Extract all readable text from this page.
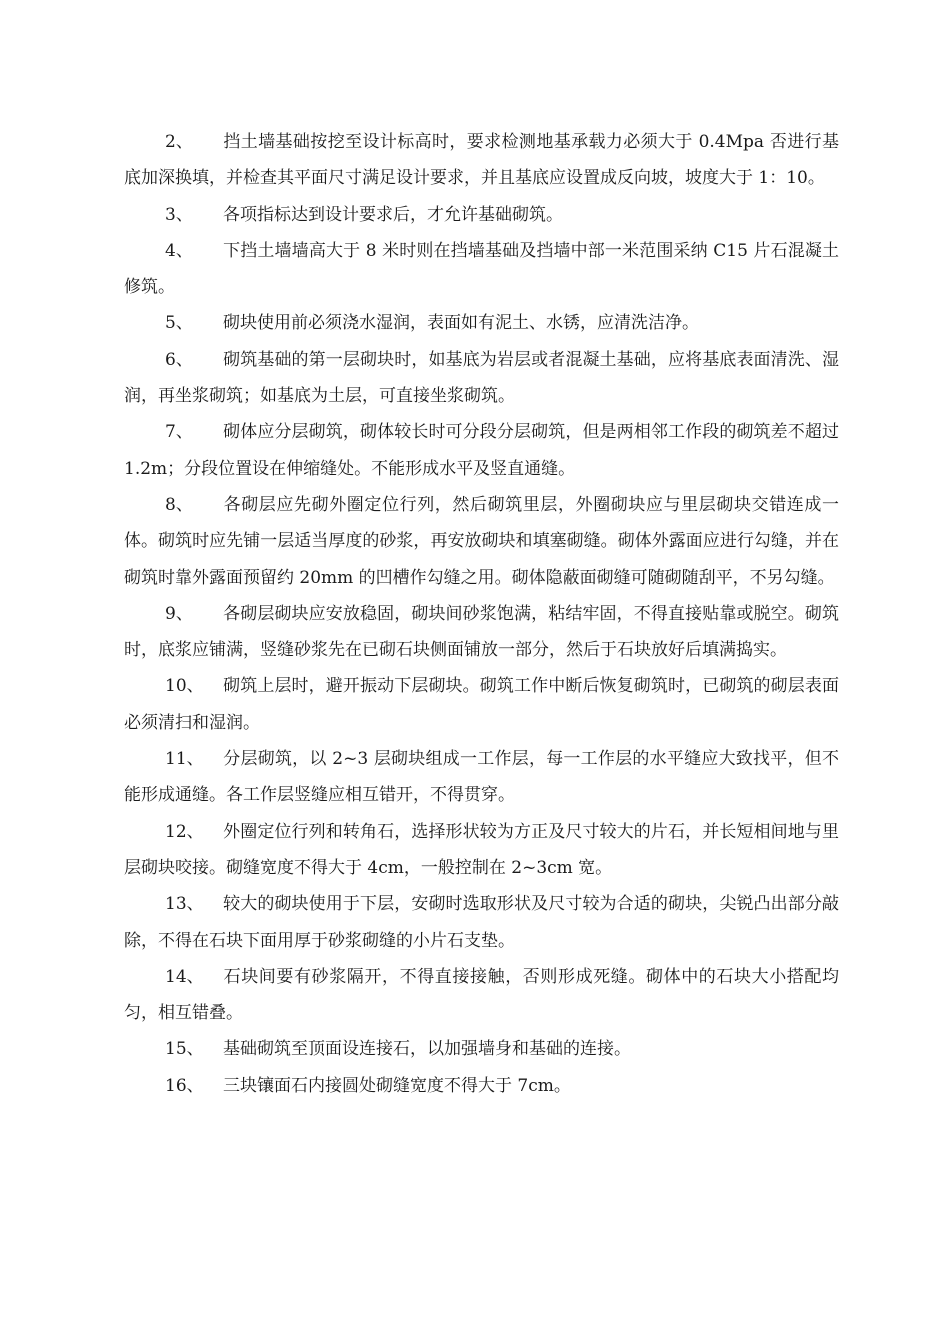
2、 挡土墙基础按挖至设计标高时，要求检测地基承载力必须大于 0.4Mpa 否进行基底加深换填，并检查其平面尺寸满足设计要求，并且基底应设置成反向坡，坡度大于 1：10。

3、 各项指标达到设计要求后，才允许基础砌筑。

4、 下挡土墙墙高大于 8 米时则在挡墙基础及挡墙中部一米范围采纳 C15 片石混凝土修筑。

5、 砌块使用前必须浇水湿润，表面如有泥土、水锈，应清洗洁净。

6、 砌筑基础的第一层砌块时，如基底为岩层或者混凝土基础，应将基底表面清洗、湿润，再坐浆砌筑；如基底为土层，可直接坐浆砌筑。

7、 砌体应分层砌筑，砌体较长时可分段分层砌筑，但是两相邻工作段的砌筑差不超过 1.2m；分段位置设在伸缩缝处。不能形成水平及竖直通缝。

8、 各砌层应先砌外圈定位行列，然后砌筑里层，外圈砌块应与里层砌块交错连成一体。砌筑时应先铺一层适当厚度的砂浆，再安放砌块和填塞砌缝。砌体外露面应进行勾缝，并在砌筑时靠外露面预留约 20mm 的凹槽作勾缝之用。砌体隐蔽面砌缝可随砌随刮平，不另勾缝。

9、 各砌层砌块应安放稳固，砌块间砂浆饱满，粘结牢固，不得直接贴靠或脱空。砌筑时，底浆应铺满，竖缝砂浆先在已砌石块侧面铺放一部分，然后于石块放好后填满捣实。

10、 砌筑上层时，避开振动下层砌块。砌筑工作中断后恢复砌筑时，已砌筑的砌层表面必须清扫和湿润。

11、 分层砌筑，以 2~3 层砌块组成一工作层，每一工作层的水平缝应大致找平，但不能形成通缝。各工作层竖缝应相互错开，不得贯穿。

12、 外圈定位行列和转角石，选择形状较为方正及尺寸较大的片石，并长短相间地与里层砌块咬接。砌缝宽度不得大于 4cm，一般控制在 2~3cm 宽。

13、 较大的砌块使用于下层，安砌时选取形状及尺寸较为合适的砌块，尖锐凸出部分敲除，不得在石块下面用厚于砂浆砌缝的小片石支垫。

14、 石块间要有砂浆隔开，不得直接接触，否则形成死缝。砌体中的石块大小搭配均匀，相互错叠。

15、 基础砌筑至顶面设连接石，以加强墙身和基础的连接。

16、 三块镶面石内接圆处砌缝宽度不得大于 7cm。
